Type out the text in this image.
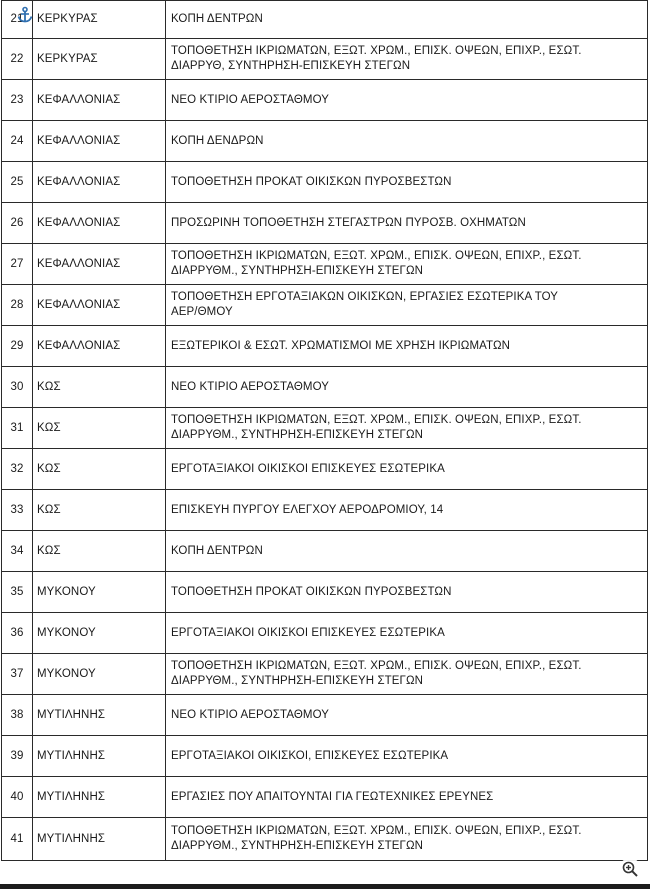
21	ΚΕΡΚΥΡΑΣ	ΚΟΠΗ ΔΕΝΤΡΩΝ

22	ΚΕΡΚΥΡΑΣ	ΤΟΠΟΘΕΤΗΣΗ ΙΚΡΙΩΜΑΤΩΝ, ΕΞΩΤ. ΧΡΩΜ., ΕΠΙΣΚ. ΟΨΕΩΝ, ΕΠΙΧΡ., ΕΣΩΤ.
ΔΙΑΡΡΥΘ, ΣΥΝΤΗΡΗΣΗ-ΕΠΙΣΚΕΥΗ ΣΤΕΓΩΝ

23	ΚΕΦΑΛΛΟΝΙΑΣ	ΝΕΟ ΚΤΙΡΙΟ ΑΕΡΟΣΤΑΘΜΟΥ

24	ΚΕΦΑΛΛΟΝΙΑΣ	ΚΟΠΗ ΔΕΝΔΡΩΝ

25	ΚΕΦΑΛΛΟΝΙΑΣ	ΤΟΠΟΘΕΤΗΣΗ ΠΡΟΚΑΤ ΟΙΚΙΣΚΩΝ ΠΥΡΟΣΒΕΣΤΩΝ

26	ΚΕΦΑΛΛΟΝΙΑΣ	ΠΡΟΣΩΡΙΝΗ ΤΟΠΟΘΕΤΗΣΗ ΣΤΕΓΑΣΤΡΩΝ ΠΥΡΟΣΒ. ΟΧΗΜΑΤΩΝ

27	ΚΕΦΑΛΛΟΝΙΑΣ	ΤΟΠΟΘΕΤΗΣΗ ΙΚΡΙΩΜΑΤΩΝ, ΕΞΩΤ. ΧΡΩΜ., ΕΠΙΣΚ. ΟΨΕΩΝ, ΕΠΙΧΡ., ΕΣΩΤ.
ΔΙΑΡΡΥΘΜ., ΣΥΝΤΗΡΗΣΗ-ΕΠΙΣΚΕΥΗ ΣΤΕΓΩΝ

28	ΚΕΦΑΛΛΟΝΙΑΣ	ΤΟΠΟΘΕΤΗΣΗ ΕΡΓΟΤΑΞΙΑΚΩΝ ΟΙΚΙΣΚΩΝ, ΕΡΓΑΣΙΕΣ ΕΣΩΤΕΡΙΚΑ ΤΟΥ
ΑΕΡ/ΘΜΟΥ

29	ΚΕΦΑΛΛΟΝΙΑΣ	ΕΞΩΤΕΡΙΚΟΙ & ΕΣΩΤ. ΧΡΩΜΑΤΙΣΜΟΙ ΜΕ ΧΡΗΣΗ ΙΚΡΙΩΜΑΤΩΝ

30	ΚΩΣ	ΝΕΟ ΚΤΙΡΙΟ ΑΕΡΟΣΤΑΘΜΟΥ

31	ΚΩΣ	ΤΟΠΟΘΕΤΗΣΗ ΙΚΡΙΩΜΑΤΩΝ, ΕΞΩΤ. ΧΡΩΜ., ΕΠΙΣΚ. ΟΨΕΩΝ, ΕΠΙΧΡ., ΕΣΩΤ.
ΔΙΑΡΡΥΘΜ., ΣΥΝΤΗΡΗΣΗ-ΕΠΙΣΚΕΥΗ ΣΤΕΓΩΝ

32	ΚΩΣ	ΕΡΓΟΤΑΞΙΑΚΟΙ ΟΙΚΙΣΚΟΙ ΕΠΙΣΚΕΥΕΣ ΕΣΩΤΕΡΙΚΑ

33	ΚΩΣ	ΕΠΙΣΚΕΥΗ ΠΥΡΓΟΥ ΕΛΕΓΧΟΥ ΑΕΡΟΔΡΟΜΙΟΥ, 14

34	ΚΩΣ	ΚΟΠΗ ΔΕΝΤΡΩΝ

35	ΜΥΚΟΝΟΥ	ΤΟΠΟΘΕΤΗΣΗ ΠΡΟΚΑΤ ΟΙΚΙΣΚΩΝ ΠΥΡΟΣΒΕΣΤΩΝ

36	ΜΥΚΟΝΟΥ	ΕΡΓΟΤΑΞΙΑΚΟΙ ΟΙΚΙΣΚΟΙ ΕΠΙΣΚΕΥΕΣ ΕΣΩΤΕΡΙΚΑ

37	ΜΥΚΟΝΟΥ	ΤΟΠΟΘΕΤΗΣΗ ΙΚΡΙΩΜΑΤΩΝ, ΕΞΩΤ. ΧΡΩΜ., ΕΠΙΣΚ. ΟΨΕΩΝ, ΕΠΙΧΡ., ΕΣΩΤ.
ΔΙΑΡΡΥΘΜ., ΣΥΝΤΗΡΗΣΗ-ΕΠΙΣΚΕΥΗ ΣΤΕΓΩΝ

38	ΜΥΤΙΛΗΝΗΣ	ΝΕΟ ΚΤΙΡΙΟ ΑΕΡΟΣΤΑΘΜΟΥ

39	ΜΥΤΙΛΗΝΗΣ	ΕΡΓΟΤΑΞΙΑΚΟΙ ΟΙΚΙΣΚΟΙ, ΕΠΙΣΚΕΥΕΣ ΕΣΩΤΕΡΙΚΑ

40	ΜΥΤΙΛΗΝΗΣ	ΕΡΓΑΣΙΕΣ ΠΟΥ ΑΠΑΙΤΟΥΝΤΑΙ ΓΙΑ ΓΕΩΤΕΧΝΙΚΕΣ ΕΡΕΥΝΕΣ

41	ΜΥΤΙΛΗΝΗΣ	ΤΟΠΟΘΕΤΗΣΗ ΙΚΡΙΩΜΑΤΩΝ, ΕΞΩΤ. ΧΡΩΜ., ΕΠΙΣΚ. ΟΨΕΩΝ, ΕΠΙΧΡ., ΕΣΩΤ.
ΔΙΑΡΡΥΘΜ., ΣΥΝΤΗΡΗΣΗ-ΕΠΙΣΚΕΥΗ ΣΤΕΓΩΝ
